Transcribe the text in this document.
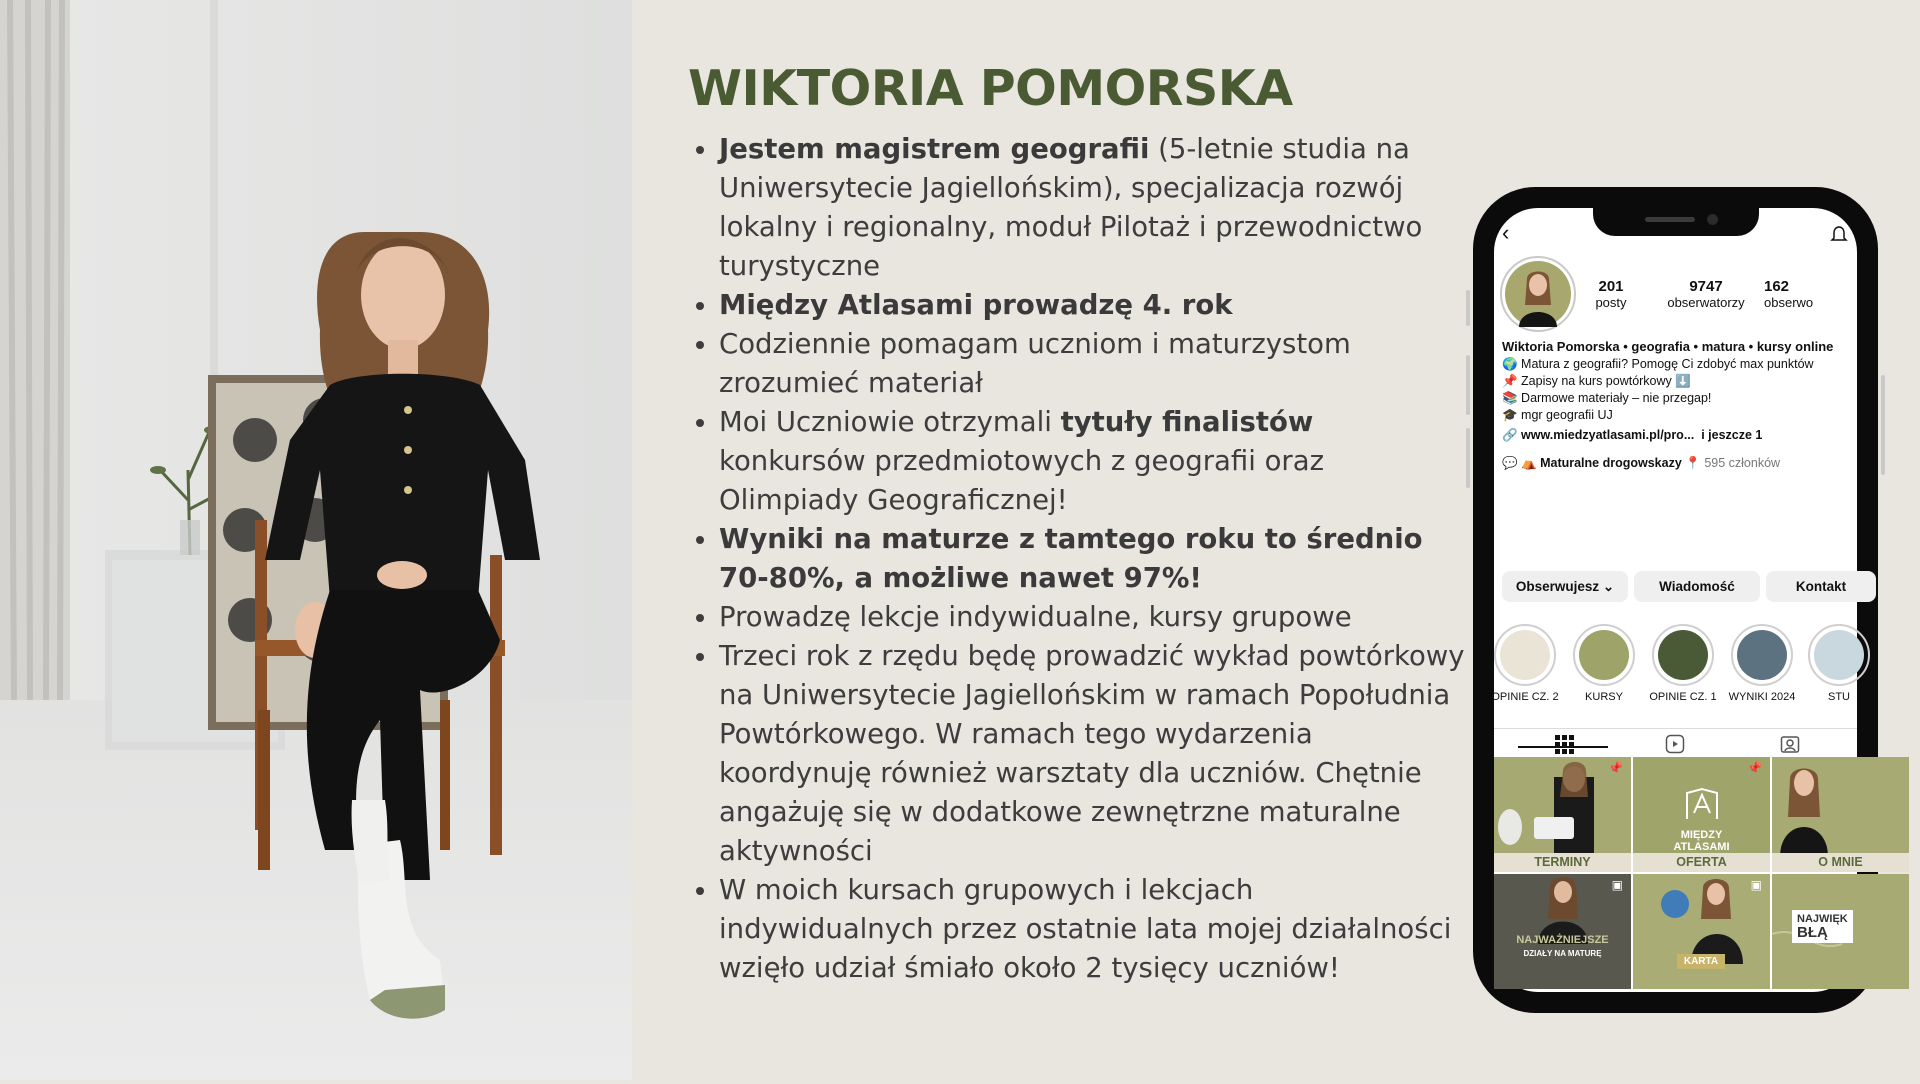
WIKTORIA POMORSKA
Jestem magistrem geografii (5-letnie studia na Uniwersytecie Jagiellońskim), specjalizacja rozwój lokalny i regionalny, moduł Pilotaż i przewodnictwo turystyczne
Między Atlasami prowadzę 4. rok
Codziennie pomagam uczniom i maturzystom zrozumieć materiał
Moi Uczniowie otrzymali tytuły finalistów konkursów przedmiotowych z geografii oraz Olimpiady Geograficznej!
Wyniki na maturze z tamtego roku to średnio 70-80%, a możliwe nawet 97%!
Prowadzę lekcje indywidualne, kursy grupowe
Trzeci rok z rzędu będę prowadzić wykład powtórkowy na Uniwersytecie Jagiellońskim w ramach Popołudnia Powtórkowego. W ramach tego wydarzenia koordynuję również warsztaty dla uczniów. Chętnie angażuję się w dodatkowe zewnętrzne maturalne aktywności
W moich kursach grupowych i lekcjach indywidualnych przez ostatnie lata mojej działalności wzięło udział śmiało około 2 tysięcy uczniów!
‹
201
posty
9747
obserwatorzy
162
obserwo
Wiktoria Pomorska • geografia • matura • kursy online
🌍 Matura z geografii? Pomogę Ci zdobyć max punktów
📌 Zapisy na kurs powtórkowy ⬇️
📚 Darmowe materiały – nie przegap!
🎓 mgr geografii UJ
🔗 www.miedzyatlasami.pl/pro... i jeszcze 1
💬 ⛺ Maturalne drogowskazy 📍 595 członków
Obserwujesz ⌄	Wiadomość	Kontakt
OPINIE CZ. 2	KURSY	OPINIE CZ. 1	WYNIKI 2024	STU
📌
TERMINY
📌
MIĘDZY ATLASAMI
OFERTA	O MNIE
▣
NAJWAŻNIEJSZE
DZIAŁY NA MATURĘ
▣
KARTA
NAJWIĘK
BŁĄ
